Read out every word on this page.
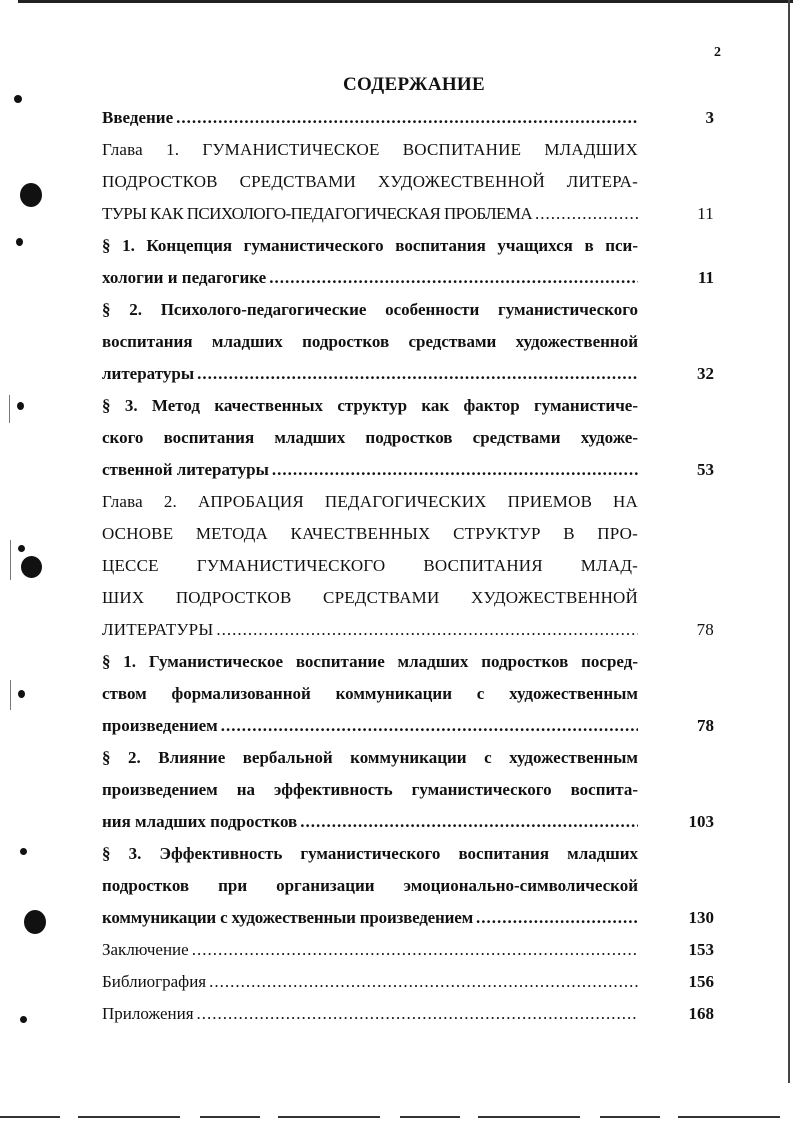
2
СОДЕРЖАНИЕ
3
Введение
.....
11
Глава 1. ГУМАНИСТИЧЕСКОЕ ВОСПИТАНИЕ МЛАДШИХ
ПОДРОСТКОВ СРЕДСТВАМИ ХУДОЖЕСТВЕННОЙ ЛИТЕРА-
ТУРЫ КАК ПСИХОЛОГО-ПЕДАГОГИЧЕСКАЯ ПРОБЛЕМА
.....
11
§ 1. Концепция гуманистического воспитания учащихся в пси-
хологии и педагогике
.....
32
§ 2. Психолого-педагогические особенности гуманистического
воспитания младших подростков средствами художественной
литературы
.....
53
§ 3. Метод качественных структур как фактор гуманистиче-
ского воспитания младших подростков средствами художе-
ственной литературы
.....
78
Глава 2. АПРОБАЦИЯ ПЕДАГОГИЧЕСКИХ ПРИЕМОВ НА
ОСНОВЕ МЕТОДА КАЧЕСТВЕННЫХ СТРУКТУР В ПРО-
ЦЕССЕ ГУМАНИСТИЧЕСКОГО ВОСПИТАНИЯ МЛАД-
ШИХ ПОДРОСТКОВ СРЕДСТВАМИ ХУДОЖЕСТВЕННОЙ
ЛИТЕРАТУРЫ
.....
78
§ 1. Гуманистическое воспитание младших подростков посред-
ством формализованной коммуникации с художественным
произведением
.....
103
§ 2. Влияние вербальной коммуникации с художественным
произведением на эффективность гуманистического воспита-
ния младших подростков
.....
130
§ 3. Эффективность гуманистического воспитания младших
подростков при организации эмоционально-символической
коммуникации с художественныи произведением
.....
153
Заключение
.....
156
Библиография
.....
168
Приложения
.....
